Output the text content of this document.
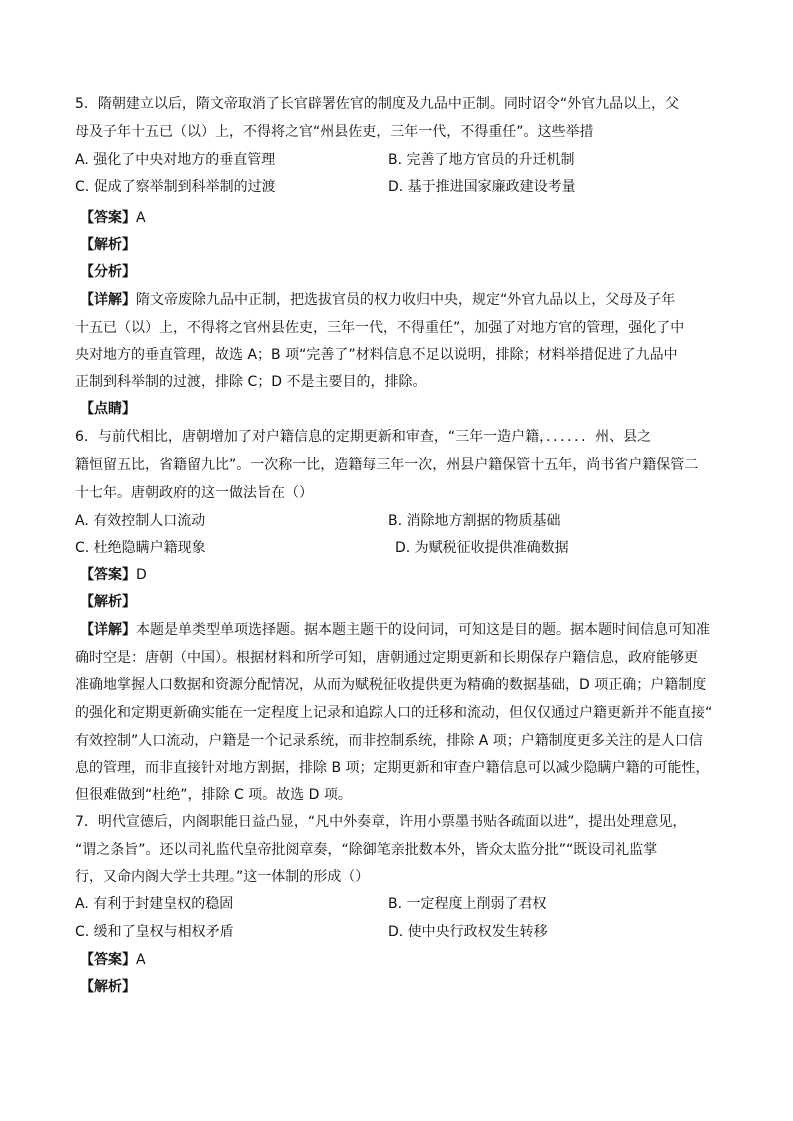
5．隋朝建立以后，隋文帝取消了长官辟署佐官的制度及九品中正制。同时诏令“外官九品以上，父
母及子年十五已（以）上，不得将之官“州县佐吏，三年一代，不得重任”。这些举措
A. 强化了中央对地方的垂直管理	B. 完善了地方官员的升迁机制
C. 促成了察举制到科举制的过渡	D. 基于推进国家廉政建设考量
【答案】A
【解析】
【分析】
【详解】隋文帝废除九品中正制，把选拔官员的权力收归中央，规定“外官九品以上，父母及子年
十五已（以）上，不得将之官州县佐吏，三年一代，不得重任”，加强了对地方官的管理，强化了中
央对地方的垂直管理，故选 A；B 项“完善了”材料信息不足以说明，排除；材料举措促进了九品中
正制到科举制的过渡，排除 C；D 不是主要目的，排除。
【点睛】
6．与前代相比，唐朝增加了对户籍信息的定期更新和审查，“三年一造户籍，．．．．．．州、县之
籍恒留五比，省籍留九比”。一次称一比，造籍每三年一次，州县户籍保管十五年，尚书省户籍保管二
十七年。唐朝政府的这一做法旨在（）
A. 有效控制人口流动	B. 消除地方割据的物质基础
C. 杜绝隐瞒户籍现象	D. 为赋税征收提供准确数据
【答案】D
【解析】
【详解】本题是单类型单项选择题。据本题主题干的设问词，可知这是目的题。据本题时间信息可知准
确时空是：唐朝（中国）。根据材料和所学可知，唐朝通过定期更新和长期保存户籍信息，政府能够更
准确地掌握人口数据和资源分配情况，从而为赋税征收提供更为精确的数据基础，D 项正确；户籍制度
的强化和定期更新确实能在一定程度上记录和追踪人口的迁移和流动，但仅仅通过户籍更新并不能直接“
有效控制”人口流动，户籍是一个记录系统，而非控制系统，排除 A 项；户籍制度更多关注的是人口信
息的管理，而非直接针对地方割据，排除 B 项；定期更新和审查户籍信息可以减少隐瞒户籍的可能性，
但很难做到“杜绝”，排除 C 项。故选 D 项。
7．明代宣德后，内阁职能日益凸显，“凡中外奏章，许用小票墨书贴各疏面以进”，提出处理意见，
“谓之条旨”。还以司礼监代皇帝批阅章奏，“除御笔亲批数本外，皆众太监分批”“既设司礼监掌
行，又命内阁大学士共理。”这一体制的形成（）
A. 有利于封建皇权的稳固	B. 一定程度上削弱了君权
C. 缓和了皇权与相权矛盾	D. 使中央行政权发生转移
【答案】A
【解析】
